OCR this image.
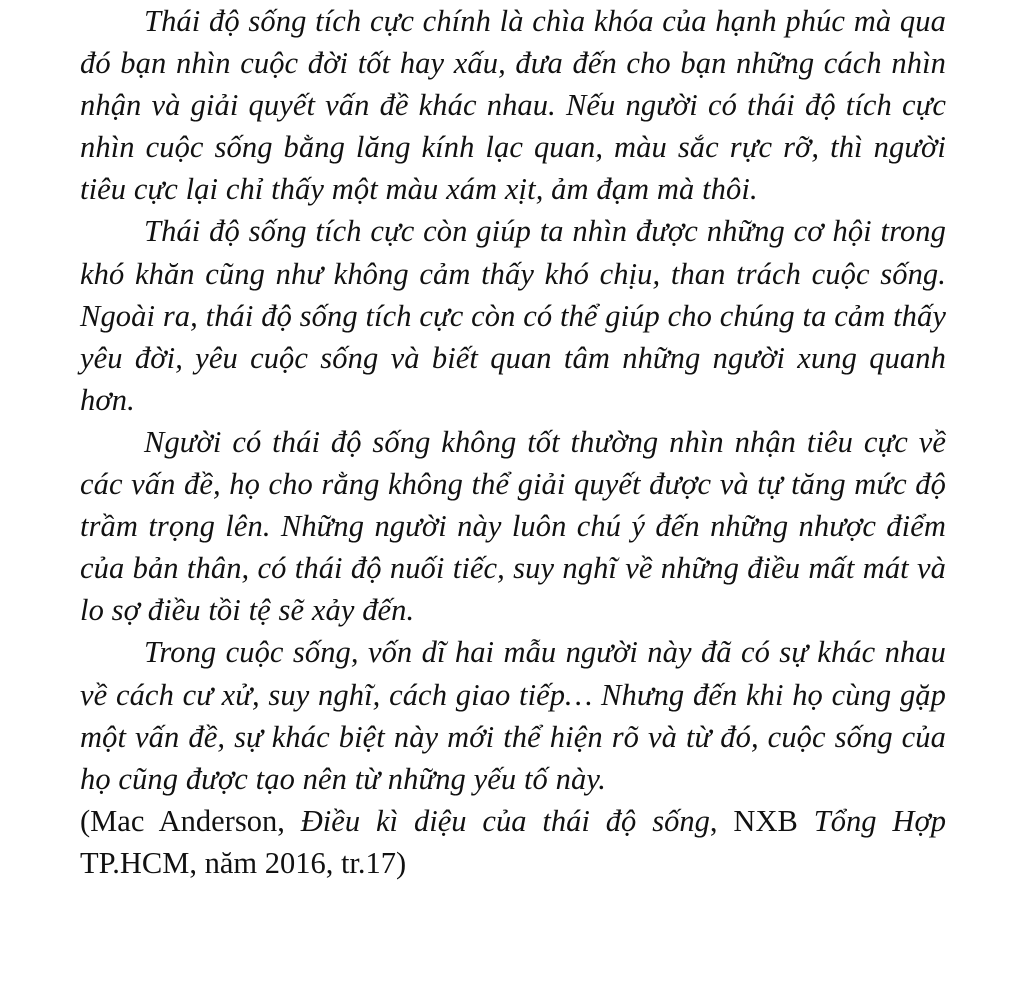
Thái độ sống tích cực chính là chìa khóa của hạnh phúc mà qua đó bạn nhìn cuộc đời tốt hay xấu, đưa đến cho bạn những cách nhìn nhận và giải quyết vấn đề khác nhau. Nếu người có thái độ tích cực nhìn cuộc sống bằng lăng kính lạc quan, màu sắc rực rỡ, thì người tiêu cực lại chỉ thấy một màu xám xịt, ảm đạm mà thôi.

Thái độ sống tích cực còn giúp ta nhìn được những cơ hội trong khó khăn cũng như không cảm thấy khó chịu, than trách cuộc sống. Ngoài ra, thái độ sống tích cực còn có thể giúp cho chúng ta cảm thấy yêu đời, yêu cuộc sống và biết quan tâm những người xung quanh hơn.

Người có thái độ sống không tốt thường nhìn nhận tiêu cực về các vấn đề, họ cho rằng không thể giải quyết được và tự tăng mức độ trầm trọng lên. Những người này luôn chú ý đến những nhược điểm của bản thân, có thái độ nuối tiếc, suy nghĩ về những điều mất mát và lo sợ điều tồi tệ sẽ xảy đến.

Trong cuộc sống, vốn dĩ hai mẫu người này đã có sự khác nhau về cách cư xử, suy nghĩ, cách giao tiếp… Nhưng đến khi họ cùng gặp một vấn đề, sự khác biệt này mới thể hiện rõ và từ đó, cuộc sống của họ cũng được tạo nên từ những yếu tố này.

(Mac Anderson, Điều kì diệu của thái độ sống, NXB Tổng Hợp TP.HCM, năm 2016, tr.17)
